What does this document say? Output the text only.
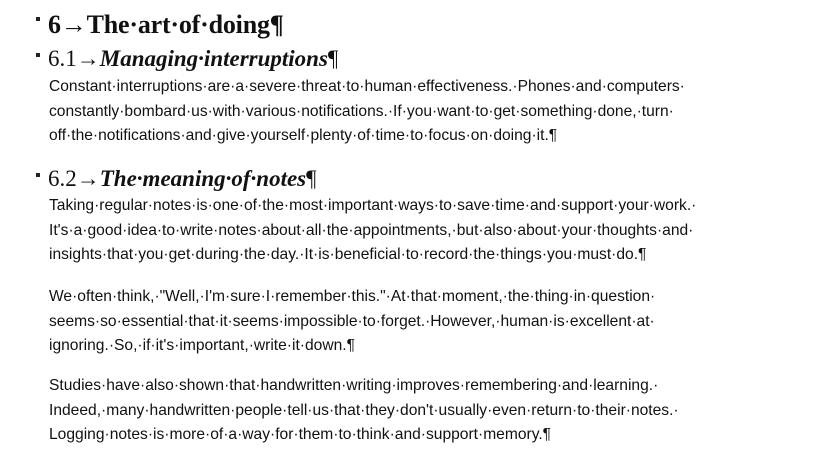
6→The·art·of·doing¶
6.1→Managing·interruptions¶

Constant·interruptions·are·a·severe·threat·to·human·effectiveness.·Phones·and·computers·
constantly·bombard·us·with·various·notifications.·If·you·want·to·get·something·done,·turn·
off·the·notifications·and·give·yourself·plenty·of·time·to·focus·on·doing·it.¶

6.2→The·meaning·of·notes¶

Taking·regular·notes·is·one·of·the·most·important·ways·to·save·time·and·support·your·work.·
It's·a·good·idea·to·write·notes·about·all·the·appointments,·but·also·about·your·thoughts·and·
insights·that·you·get·during·the·day.·It·is·beneficial·to·record·the·things·you·must·do.¶

We·often·think,·"Well,·I'm·sure·I·remember·this."·At·that·moment,·the·thing·in·question·
seems·so·essential·that·it·seems·impossible·to·forget.·However,·human·is·excellent·at·
ignoring.·So,·if·it's·important,·write·it·down.¶

Studies·have·also·shown·that·handwritten·writing·improves·remembering·and·learning.·
Indeed,·many·handwritten·people·tell·us·that·they·don't·usually·even·return·to·their·notes.·
Logging·notes·is·more·of·a·way·for·them·to·think·and·support·memory.¶
